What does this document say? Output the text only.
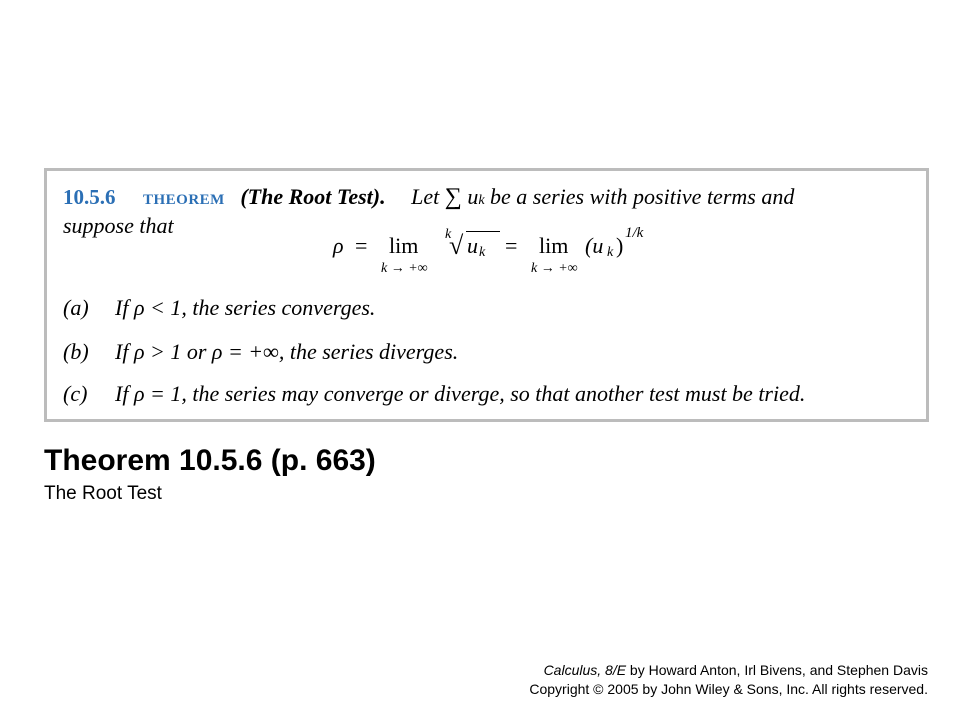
10.5.6 THEOREM (The Root Test). Let ∑ uk be a series with positive terms and
suppose that
ρ = lim
k → +∞
k
√ u k = lim
k → +∞
(u k ) 1/k
(a) If ρ < 1, the series converges.
(b) If ρ > 1 or ρ = +∞, the series diverges.
(c) If ρ = 1, the series may converge or diverge, so that another test must be tried.
Theorem 10.5.6 (p. 663)
The Root Test
Calculus, 8/E by Howard Anton, Irl Bivens, and Stephen Davis
Copyright © 2005 by John Wiley & Sons, Inc. All rights reserved.
